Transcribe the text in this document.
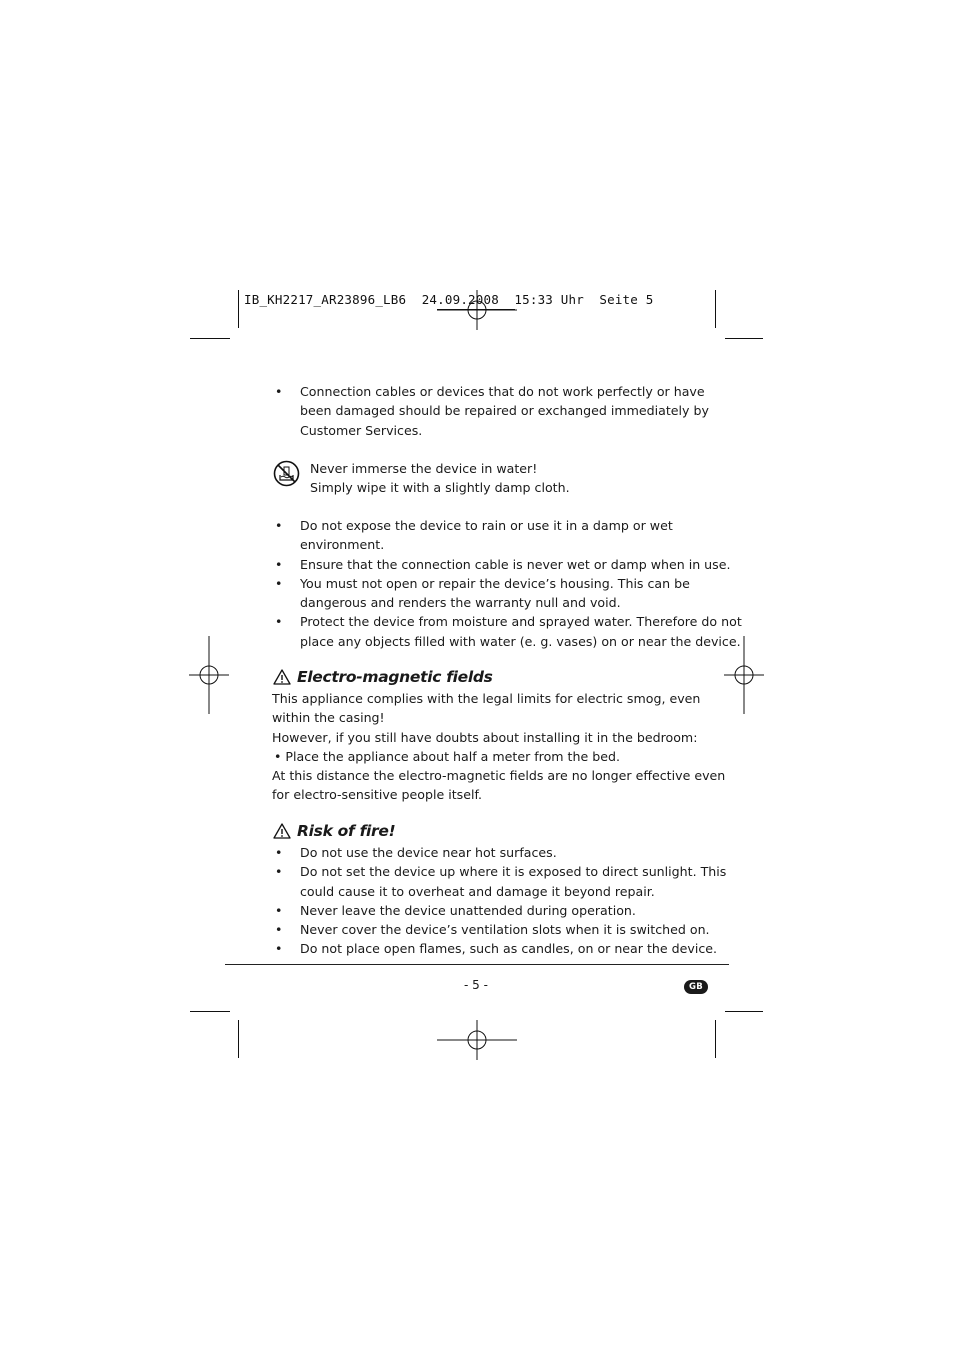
IB_KH2217_AR23896_LB6  24.09.2008  15:33 Uhr  Seite 5
• Connection cables or devices that do not work perfectly or have
been damaged should be repaired or exchanged immediately by
Customer Services.
Never immerse the device in water!
Simply wipe it with a slightly damp cloth.
• Do not expose the device to rain or use it in a damp or wet
environment.
• Ensure that the connection cable is never wet or damp when in use.
• You must not open or repair the device’s housing. This can be
dangerous and renders the warranty null and void.
• Protect the device from moisture and sprayed water. Therefore do not
place any objects filled with water (e. g. vases) on or near the device.
Electro-magnetic fields
This appliance complies with the legal limits for electric smog, even
within the casing!
However, if you still have doubts about installing it in the bedroom:
• Place the appliance about half a meter from the bed.
At this distance the electro-magnetic fields are no longer effective even
for electro-sensitive people itself.
Risk of fire!
• Do not use the device near hot surfaces.
• Do not set the device up where it is exposed to direct sunlight. This
could cause it to overheat and damage it beyond repair.
• Never leave the device unattended during operation.
• Never cover the device’s ventilation slots when it is switched on.
• Do not place open flames, such as candles, on or near the device.
- 5 -	GB
